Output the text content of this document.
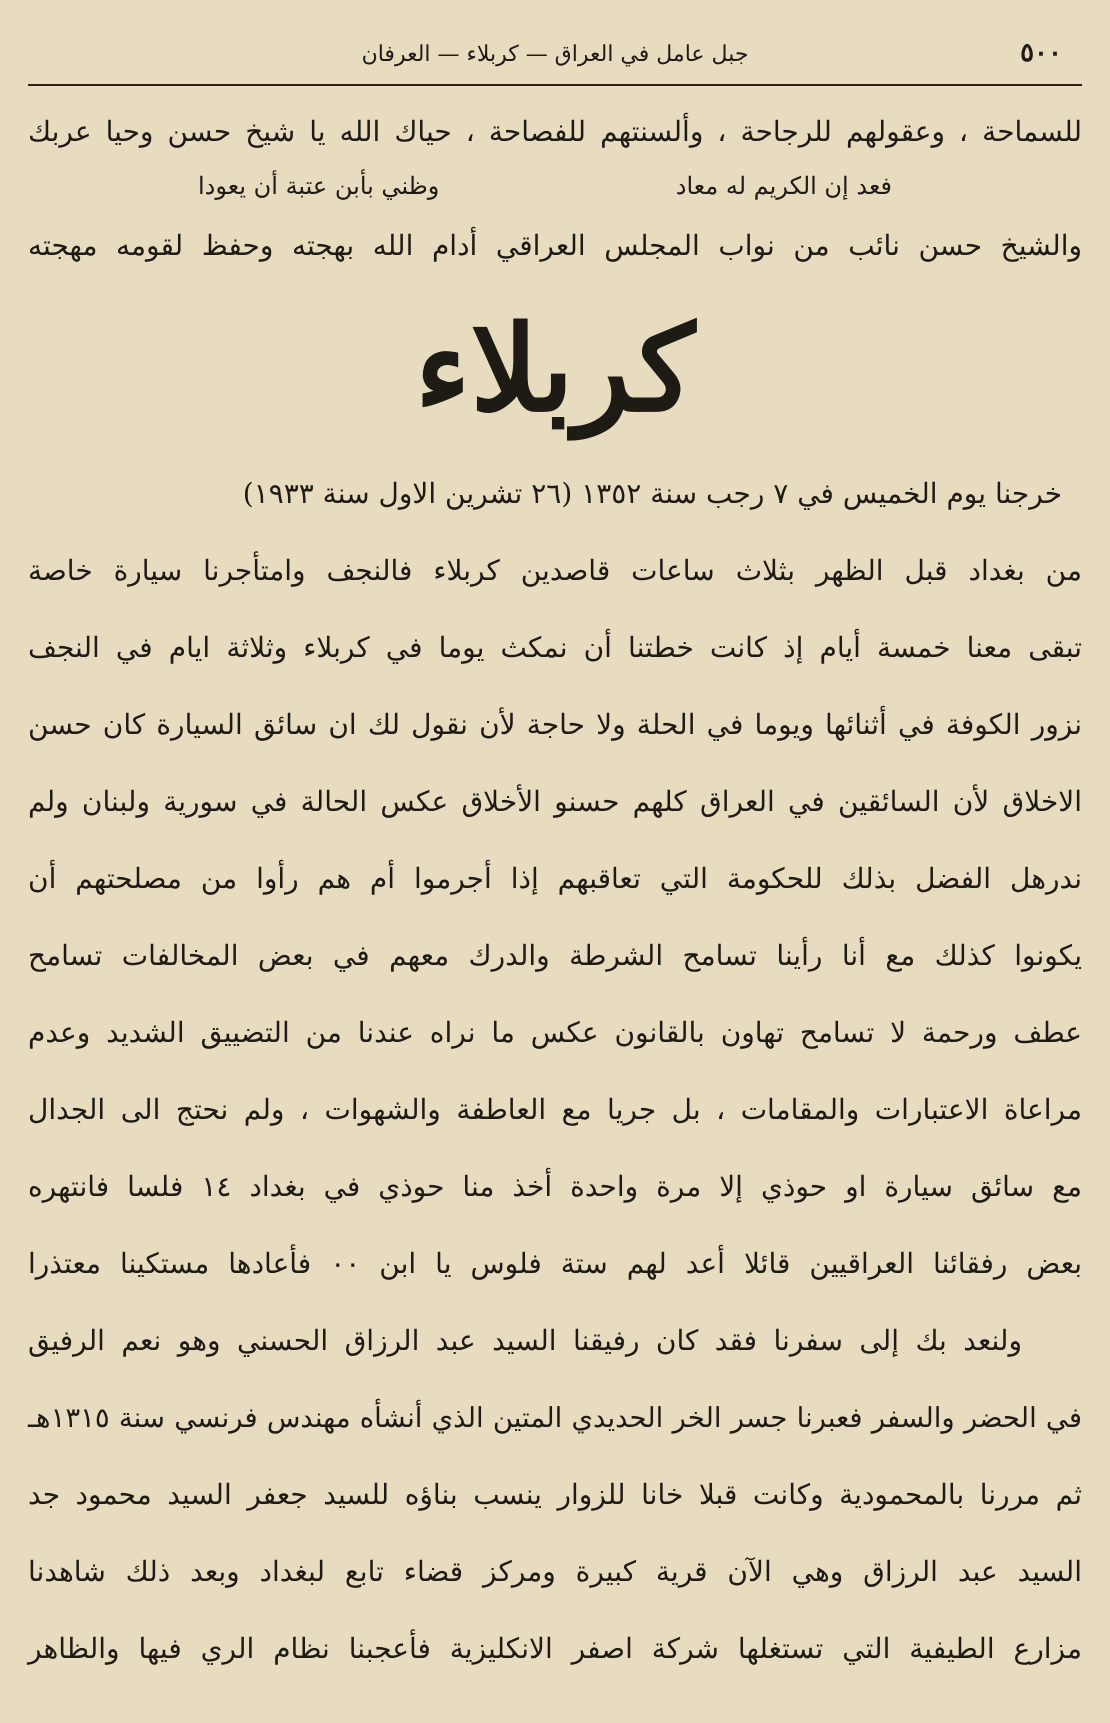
٥٠٠
جبل عامل في العراق — كربلاء — العرفان
للسماحة ، وعقولهم للرجاحة ، وألسنتهم للفصاحة ، حياك الله يا شيخ حسن وحيا عربك
فعد إن الكريم له معاد
وظني بأبن عتبة أن يعودا
والشيخ حسن نائب من نواب المجلس العراقي أدام الله بهجته وحفظ لقومه مهجته
كربلاء
خرجنا يوم الخميس في ٧ رجب سنة ١٣٥٢ (٢٦ تشرين الاول سنة ١٩٣٣)
من بغداد قبل الظهر بثلاث ساعات قاصدين كربلاء فالنجف وامتأجرنا سيارة خاصة
تبقى معنا خمسة أيام إذ كانت خطتنا أن نمكث يوما في كربلاء وثلاثة ايام في النجف
نزور الكوفة في أثنائها ويوما في الحلة ولا حاجة لأن نقول لك ان سائق السيارة كان حسن
الاخلاق لأن السائقين في العراق كلهم حسنو الأخلاق عكس الحالة في سورية ولبنان ولم
ندرهل الفضل بذلك للحكومة التي تعاقبهم إذا أجرموا أم هم رأوا من مصلحتهم أن
يكونوا كذلك مع أنا رأينا تسامح الشرطة والدرك معهم في بعض المخالفات تسامح
عطف ورحمة لا تسامح تهاون بالقانون عكس ما نراه عندنا من التضييق الشديد وعدم
مراعاة الاعتبارات والمقامات ، بل جريا مع العاطفة والشهوات ، ولم نحتج الى الجدال
مع سائق سيارة او حوذي إلا مرة واحدة أخذ منا حوذي في بغداد ١٤ فلسا فانتهره
بعض رفقائنا العراقيين قائلا أعد لهم ستة فلوس يا ابن ٠٠ فأعادها مستكينا معتذرا
ولنعد بك إلى سفرنا فقد كان رفيقنا السيد عبد الرزاق الحسني وهو نعم الرفيق
في الحضر والسفر فعبرنا جسر الخر الحديدي المتين الذي أنشأه مهندس فرنسي سنة ١٣١٥هـ
ثم مررنا بالمحمودية وكانت قبلا خانا للزوار ينسب بناؤه للسيد جعفر السيد محمود جد
السيد عبد الرزاق وهي الآن قرية كبيرة ومركز قضاء تابع لبغداد وبعد ذلك شاهدنا
مزارع الطيفية التي تستغلها شركة اصفر الانكليزية فأعجبنا نظام الري فيها والظاهر
